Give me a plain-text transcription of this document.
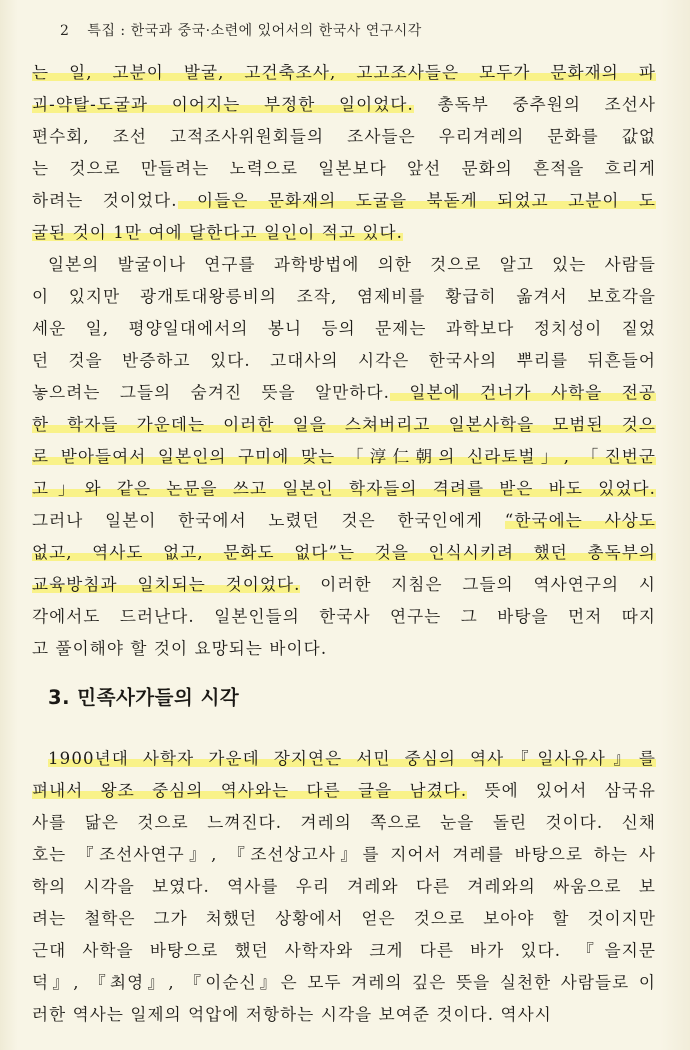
2 특집 : 한국과 중국·소련에 있어서의 한국사 연구시각
는 일, 고분이 발굴, 고건축조사, 고고조사들은 모두가 문화재의 파
괴-약탈-도굴과 이어지는 부정한 일이었다. 총독부 중추원의 조선사
편수회, 조선 고적조사위원회들의 조사들은 우리겨레의 문화를 값없
는 것으로 만들려는 노력으로 일본보다 앞선 문화의 흔적을 흐리게
하려는 것이었다. 이들은 문화재의 도굴을 북돋게 되었고 고분이 도
굴된 것이 1만 여에 달한다고 일인이 적고 있다.
일본의 발굴이나 연구를 과학방법에 의한 것으로 알고 있는 사람들
이 있지만 광개토대왕릉비의 조작, 염제비를 황급히 옮겨서 보호각을
세운 일, 평양일대에서의 봉니 등의 문제는 과학보다 정치성이 짙었
던 것을 반증하고 있다. 고대사의 시각은 한국사의 뿌리를 뒤흔들어
놓으려는 그들의 숨겨진 뜻을 알만하다. 일본에 건너가 사학을 전공
한 학자들 가운데는 이러한 일을 스쳐버리고 일본사학을 모범된 것으
로 받아들여서 일본인의 구미에 맞는 「淳仁朝의 신라토벌」, 「진번군
고」와 같은 논문을 쓰고 일본인 학자들의 격려를 받은 바도 있었다.
그러나 일본이 한국에서 노렸던 것은 한국인에게 “한국에는 사상도
없고, 역사도 없고, 문화도 없다”는 것을 인식시키려 했던 총독부의
교육방침과 일치되는 것이었다. 이러한 지침은 그들의 역사연구의 시
각에서도 드러난다. 일본인들의 한국사 연구는 그 바탕을 먼저 따지
고 풀이해야 할 것이 요망되는 바이다.
3. 민족사가들의 시각
1900년대 사학자 가운데 장지연은 서민 중심의 역사『일사유사』를
펴내서 왕조 중심의 역사와는 다른 글을 남겼다. 뜻에 있어서 삼국유
사를 닮은 것으로 느껴진다. 겨레의 쪽으로 눈을 돌린 것이다. 신채
호는 『조선사연구』, 『조선상고사』를 지어서 겨레를 바탕으로 하는 사
학의 시각을 보였다. 역사를 우리 겨레와 다른 겨레와의 싸움으로 보
려는 철학은 그가 처했던 상황에서 얻은 것으로 보아야 할 것이지만
근대 사학을 바탕으로 했던 사학자와 크게 다른 바가 있다. 『을지문
덕』, 『최영』, 『이순신』은 모두 겨레의 깊은 뜻을 실천한 사람들로 이
러한 역사는 일제의 억압에 저항하는 시각을 보여준 것이다. 역사시
